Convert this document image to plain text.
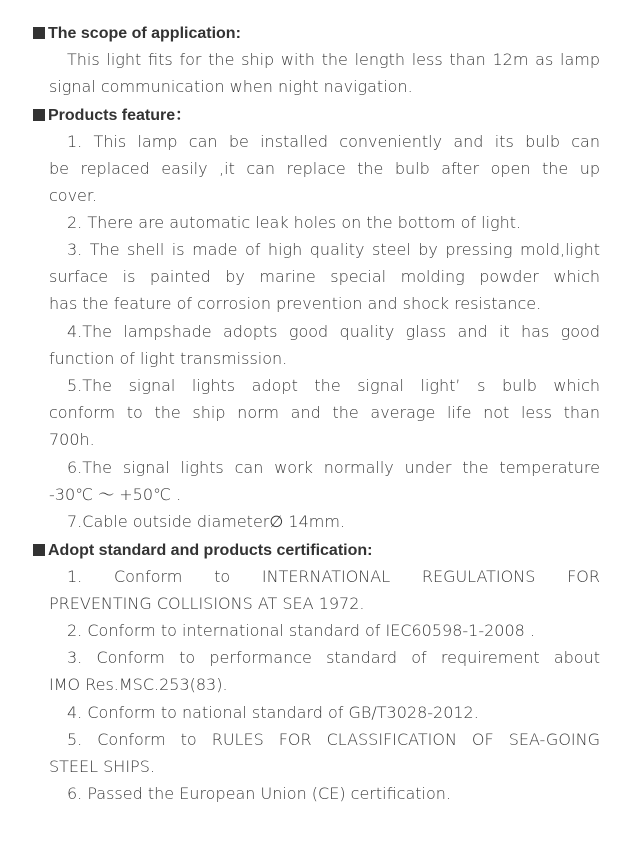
The scope of application:
This light fits for the ship with the length less than 12m as lamp
signal communication when night navigation.
Products feature：
1. This lamp can be installed conveniently and its bulb can
be replaced easily ,it can replace the bulb after open the up
cover.
2. There are automatic leak holes on the bottom of light.
3. The shell is made of high quality steel by pressing mold,light
surface is painted by marine special molding powder which
has the feature of corrosion prevention and shock resistance.
4.The lampshade adopts good quality glass and it has good
function of light transmission.
5.The signal lights adopt the signal light’ s bulb which
conform to the ship norm and the average life not less than
700h.
6.The signal lights can work normally under the temperature
-30℃ ～ +50℃ .
7.Cable outside diameter∅ 14mm.
Adopt standard and products certification:
1. Conform to INTERNATIONAL REGULATIONS FOR
PREVENTING COLLISIONS AT SEA 1972.
2. Conform to international standard of IEC60598-1-2008 .
3. Conform to performance standard of requirement about
IMO Res.MSC.253(83).
4. Conform to national standard of GB/T3028-2012.
5. Conform to RULES FOR CLASSIFICATION OF SEA-GOING
STEEL SHIPS.
6. Passed the European Union (CE) certification.
